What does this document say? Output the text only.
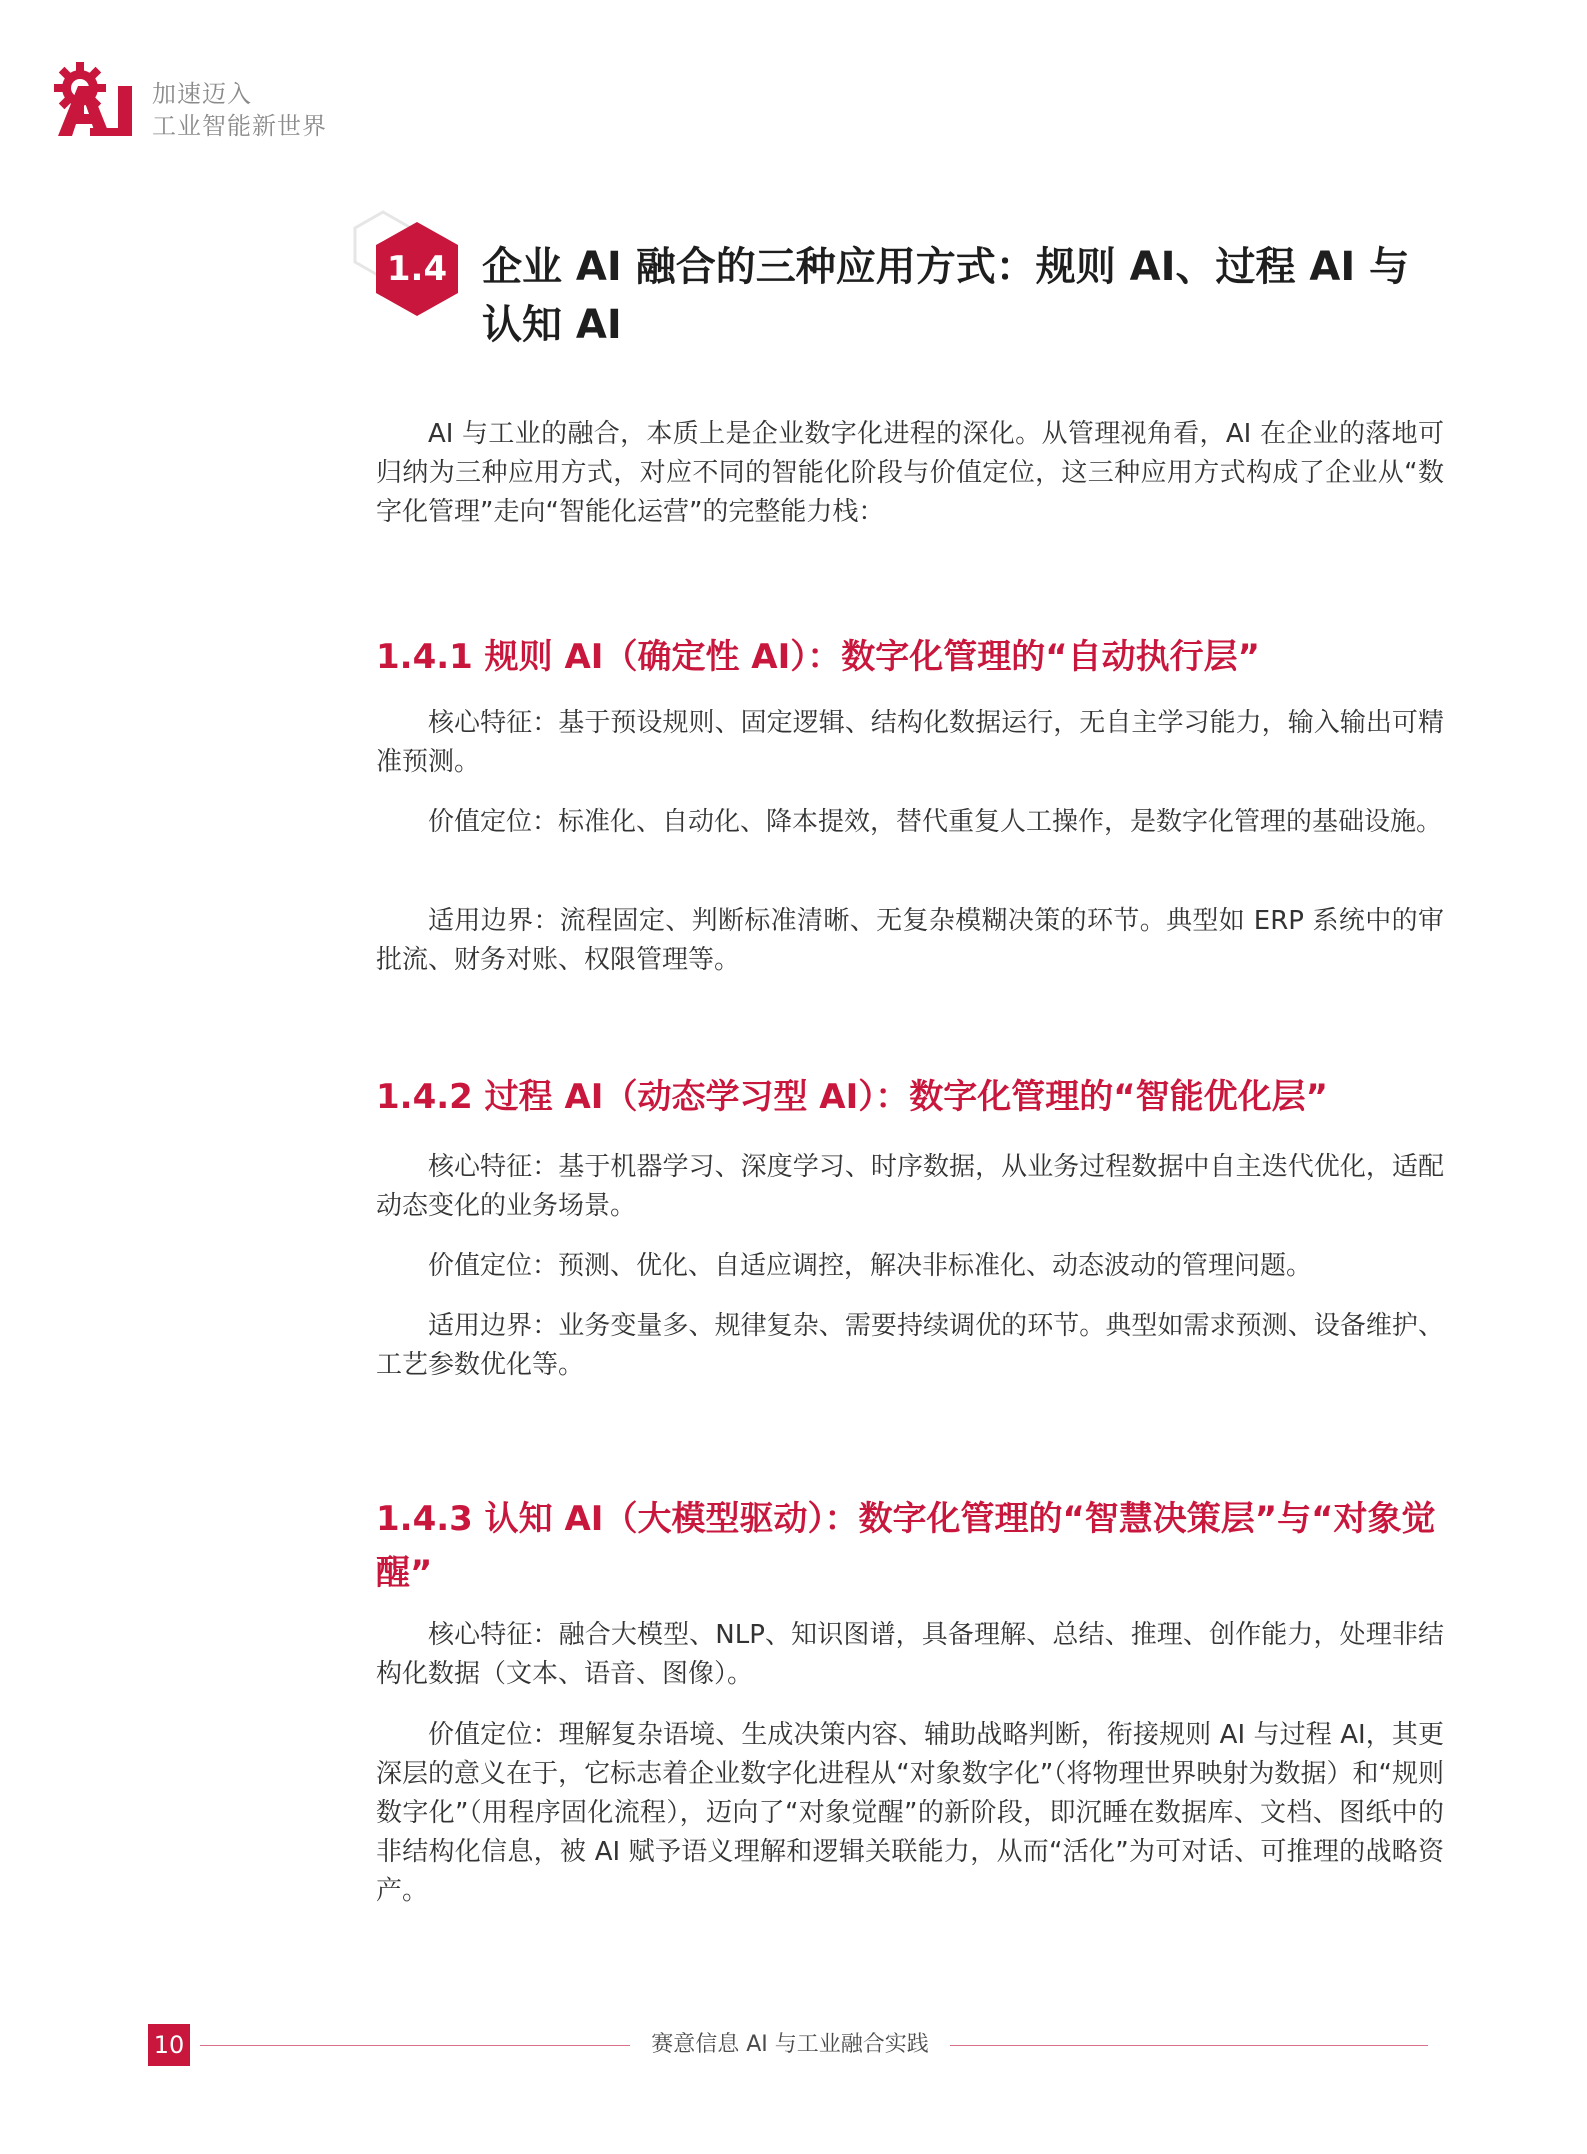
加速迈入
工业智能新世界
1.4 企业 AI 融合的三种应用方式：规则 AI、过程 AI 与认知 AI
AI 与工业的融合，本质上是企业数字化进程的深化。从管理视角看，AI 在企业的落地可归纳为三种应用方式，对应不同的智能化阶段与价值定位，这三种应用方式构成了企业从“数字化管理”走向“智能化运营”的完整能力栈：
1.4.1 规则 AI（确定性 AI）：数字化管理的“自动执行层”
核心特征：基于预设规则、固定逻辑、结构化数据运行，无自主学习能力，输入输出可精准预测。
价值定位：标准化、自动化、降本提效，替代重复人工操作，是数字化管理的基础设施。
适用边界：流程固定、判断标准清晰、无复杂模糊决策的环节。典型如 ERP 系统中的审批流、财务对账、权限管理等。
1.4.2 过程 AI（动态学习型 AI）：数字化管理的“智能优化层”
核心特征：基于机器学习、深度学习、时序数据，从业务过程数据中自主迭代优化，适配动态变化的业务场景。
价值定位：预测、优化、自适应调控，解决非标准化、动态波动的管理问题。
适用边界：业务变量多、规律复杂、需要持续调优的环节。典型如需求预测、设备维护、工艺参数优化等。
1.4.3 认知 AI（大模型驱动）：数字化管理的“智慧决策层”与“对象觉醒”
核心特征：融合大模型、NLP、知识图谱，具备理解、总结、推理、创作能力，处理非结构化数据（文本、语音、图像）。
价值定位：理解复杂语境、生成决策内容、辅助战略判断，衔接规则 AI 与过程 AI，其更深层的意义在于，它标志着企业数字化进程从“对象数字化”（将物理世界映射为数据）和“规则数字化”（用程序固化流程），迈向了“对象觉醒”的新阶段，即沉睡在数据库、文档、图纸中的非结构化信息，被 AI 赋予语义理解和逻辑关联能力，从而“活化”为可对话、可推理的战略资产。
10	赛意信息 AI 与工业融合实践
